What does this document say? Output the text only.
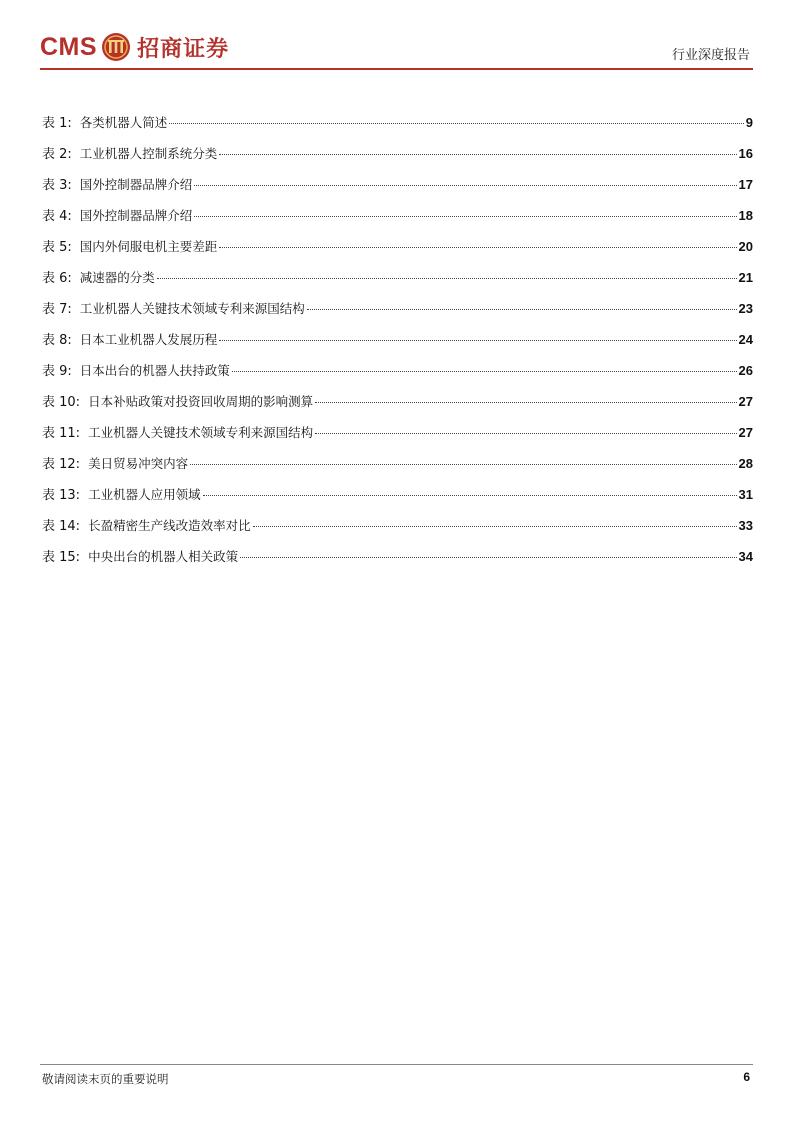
CMS 招商证券	行业深度报告
表 1: 各类机器人简述	9
表 2: 工业机器人控制系统分类	16
表 3: 国外控制器品牌介绍	17
表 4: 国外控制器品牌介绍	18
表 5: 国内外伺服电机主要差距	20
表 6: 减速器的分类	21
表 7: 工业机器人关键技术领域专利来源国结构	23
表 8: 日本工业机器人发展历程	24
表 9: 日本出台的机器人扶持政策	26
表 10: 日本补贴政策对投资回收周期的影响测算	27
表 11: 工业机器人关键技术领域专利来源国结构	27
表 12: 美日贸易冲突内容	28
表 13: 工业机器人应用领域	31
表 14: 长盈精密生产线改造效率对比	33
表 15: 中央出台的机器人相关政策	34
敬请阅读末页的重要说明	6
